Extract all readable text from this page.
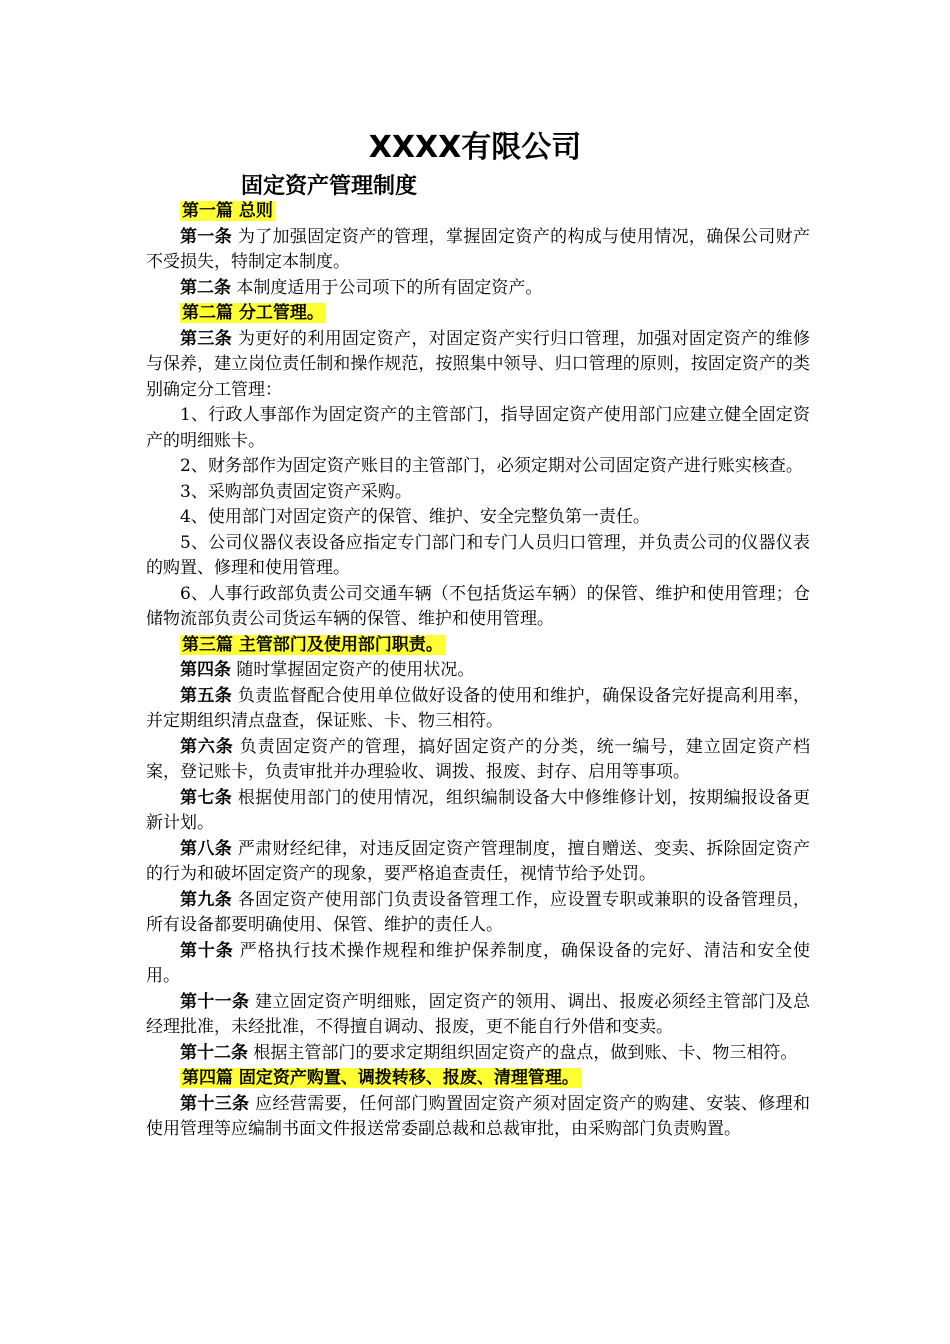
XXXX有限公司
固定资产管理制度

第一篇 总则

第一条 为了加强固定资产的管理，掌握固定资产的构成与使用情况，确保公司财产不受损失，特制定本制度。

第二条 本制度适用于公司项下的所有固定资产。

第二篇 分工管理。

第三条 为更好的利用固定资产，对固定资产实行归口管理，加强对固定资产的维修与保养，建立岗位责任制和操作规范，按照集中领导、归口管理的原则，按固定资产的类别确定分工管理：

1、行政人事部作为固定资产的主管部门，指导固定资产使用部门应建立健全固定资产的明细账卡。

2、财务部作为固定资产账目的主管部门，必须定期对公司固定资产进行账实核查。

3、采购部负责固定资产采购。

4、使用部门对固定资产的保管、维护、安全完整负第一责任。

5、公司仪器仪表设备应指定专门部门和专门人员归口管理，并负责公司的仪器仪表的购置、修理和使用管理。

6、人事行政部负责公司交通车辆（不包括货运车辆）的保管、维护和使用管理；仓储物流部负责公司货运车辆的保管、维护和使用管理。

第三篇 主管部门及使用部门职责。

第四条 随时掌握固定资产的使用状况。

第五条 负责监督配合使用单位做好设备的使用和维护，确保设备完好提高利用率，并定期组织清点盘查，保证账、卡、物三相符。

第六条 负责固定资产的管理，搞好固定资产的分类，统一编号，建立固定资产档案，登记账卡，负责审批并办理验收、调拨、报废、封存、启用等事项。

第七条 根据使用部门的使用情况，组织编制设备大中修维修计划，按期编报设备更新计划。

第八条 严肃财经纪律，对违反固定资产管理制度，擅自赠送、变卖、拆除固定资产的行为和破坏固定资产的现象，要严格追查责任，视情节给予处罚。

第九条 各固定资产使用部门负责设备管理工作，应设置专职或兼职的设备管理员，所有设备都要明确使用、保管、维护的责任人。

第十条 严格执行技术操作规程和维护保养制度，确保设备的完好、清洁和安全使用。

第十一条 建立固定资产明细账，固定资产的领用、调出、报废必须经主管部门及总经理批准，未经批准，不得擅自调动、报废，更不能自行外借和变卖。

第十二条 根据主管部门的要求定期组织固定资产的盘点，做到账、卡、物三相符。

第四篇 固定资产购置、调拨转移、报废、清理管理。

第十三条 应经营需要，任何部门购置固定资产须对固定资产的购建、安装、修理和使用管理等应编制书面文件报送常委副总裁和总裁审批，由采购部门负责购置。
